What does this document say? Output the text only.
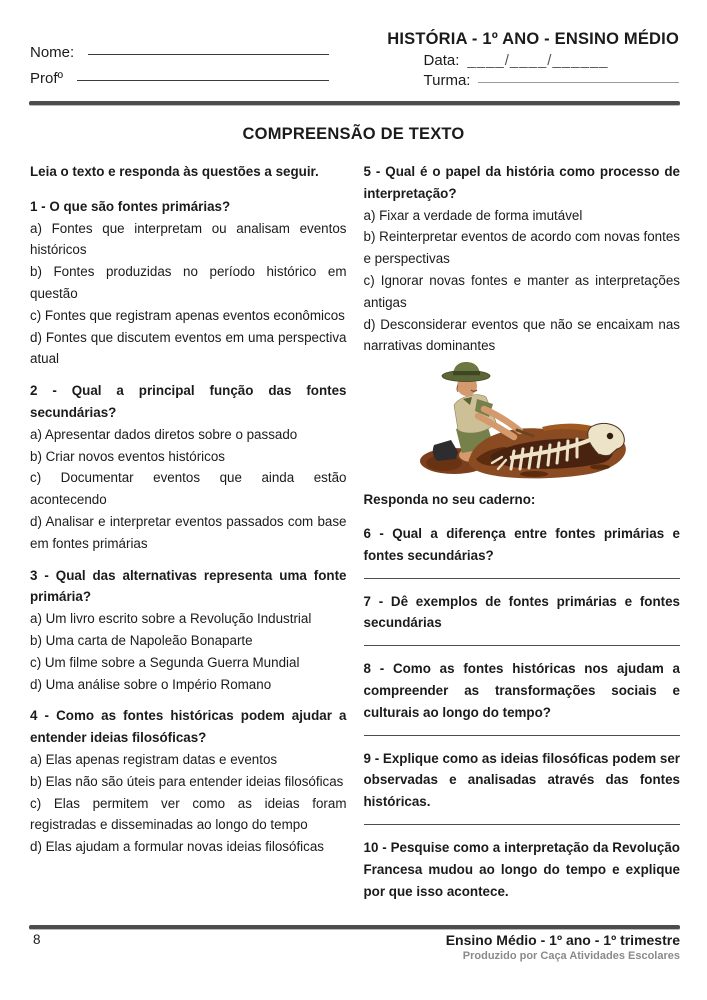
Nome:
Profº
HISTÓRIA - 1º ANO - ENSINO MÉDIO
Data: ____/____/______
Turma:
COMPREENSÃO DE TEXTO

Leia o texto e responda às questões a seguir.

1 - O que são fontes primárias?

a) Fontes que interpretam ou analisam eventos históricos

b) Fontes produzidas no período histórico em questão

c) Fontes que registram apenas eventos econômicos

d) Fontes que discutem eventos em uma perspectiva atual

2 - Qual a principal função das fontes secundárias?

a) Apresentar dados diretos sobre o passado

b) Criar novos eventos históricos

c) Documentar eventos que ainda estão acontecendo

d) Analisar e interpretar eventos passados com base em fontes primárias

3 - Qual das alternativas representa uma fonte primária?

a) Um livro escrito sobre a Revolução Industrial

b) Uma carta de Napoleão Bonaparte

c) Um filme sobre a Segunda Guerra Mundial

d) Uma análise sobre o Império Romano

4 - Como as fontes históricas podem ajudar a entender ideias filosóficas?

a) Elas apenas registram datas e eventos

b) Elas não são úteis para entender ideias filosóficas

c) Elas permitem ver como as ideias foram registradas e disseminadas ao longo do tempo

d) Elas ajudam a formular novas ideias filosóficas

5 - Qual é o papel da história como processo de interpretação?

a) Fixar a verdade de forma imutável

b) Reinterpretar eventos de acordo com novas fontes e perspectivas

c) Ignorar novas fontes e manter as interpretações antigas

d) Desconsiderar eventos que não se encaixam nas narrativas dominantes

Responda no seu caderno:

6 - Qual a diferença entre fontes primárias e fontes secundárias?

7 - Dê exemplos de fontes primárias e fontes secundárias

8 - Como as fontes históricas nos ajudam a compreender as transformações sociais e culturais ao longo do tempo?

9 - Explique como as ideias filosóficas podem ser observadas e analisadas através das fontes históricas.

10 - Pesquise como a interpretação da Revolução Francesa mudou ao longo do tempo e explique por que isso acontece.

8	Ensino Médio - 1º ano - 1º trimestre

Produzido por Caça Atividades Escolares
